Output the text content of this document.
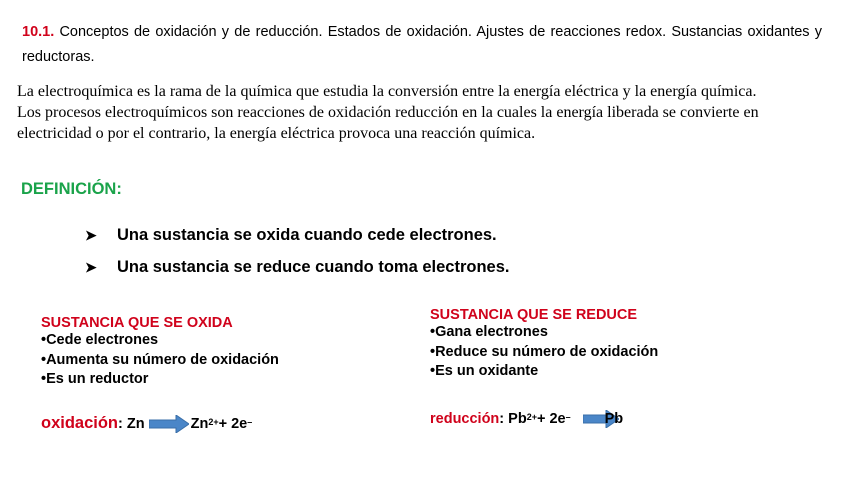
10.1. Conceptos de oxidación y de reducción. Estados de oxidación. Ajustes de reacciones redox. Sustancias oxidantes y reductoras.

La electroquímica es la rama de la química que estudia la conversión entre la energía eléctrica y la energía química.

Los procesos electroquímicos son reacciones de oxidación reducción en la cuales la energía liberada se convierte en electricidad o por el contrario, la energía eléctrica provoca una reacción química.

DEFINICIÓN:
➤	Una sustancia se oxida cuando cede electrones.
➤	Una sustancia se reduce cuando toma electrones.
SUSTANCIA QUE SE OXIDA
•Cede electrones
•Aumenta su número de oxidación
•Es un reductor
oxidación : $Zn \to Zn^{2+} + 2e^-$
SUSTANCIA QUE SE REDUCE
•Gana electrones
•Reduce su número de oxidación
•Es un oxidante
reducción : $Pb^{2+} + 2e^-$ →
Pb
